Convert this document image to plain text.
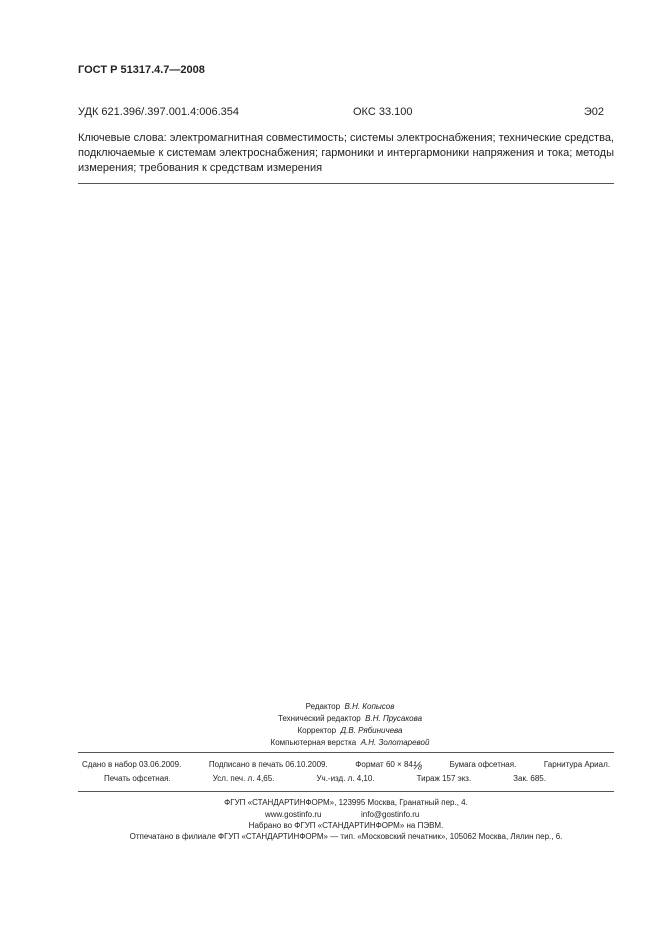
ГОСТ Р 51317.4.7—2008
УДК 621.396/.397.001.4:006.354	ОКС 33.100	Э02
Ключевые слова: электромагнитная совместимость; системы электроснабжения; технические средства, подключаемые к системам электроснабжения; гармоники и интергармоники напряжения и тока; методы измерения; требования к средствам измерения
Редактор В.Н. Копысов
Технический редактор В.Н. Прусакова
Корректор Д.В. Рябиничева
Компьютерная верстка А.Н. Золотаревой
Сдано в набор 03.06.2009.	Подписано в печать 06.10.2009.	Формат 60 × 84⅛	Бумага офсетная.	Гарнитура Ариал.
Печать офсетная.	Усл. печ. л. 4,65.	Уч.-изд. л. 4,10.	Тираж 157 экз.	Зак. 685.
ФГУП «СТАНДАРТИНФОРМ», 123995 Москва, Гранатный пер., 4.
www.gostinfo.ru	info@gostinfo.ru
Набрано во ФГУП «СТАНДАРТИНФОРМ» на ПЭВМ.
Отпечатано в филиале ФГУП «СТАНДАРТИНФОРМ» — тип. «Московский печатник», 105062 Москва, Лялин пер., 6.
